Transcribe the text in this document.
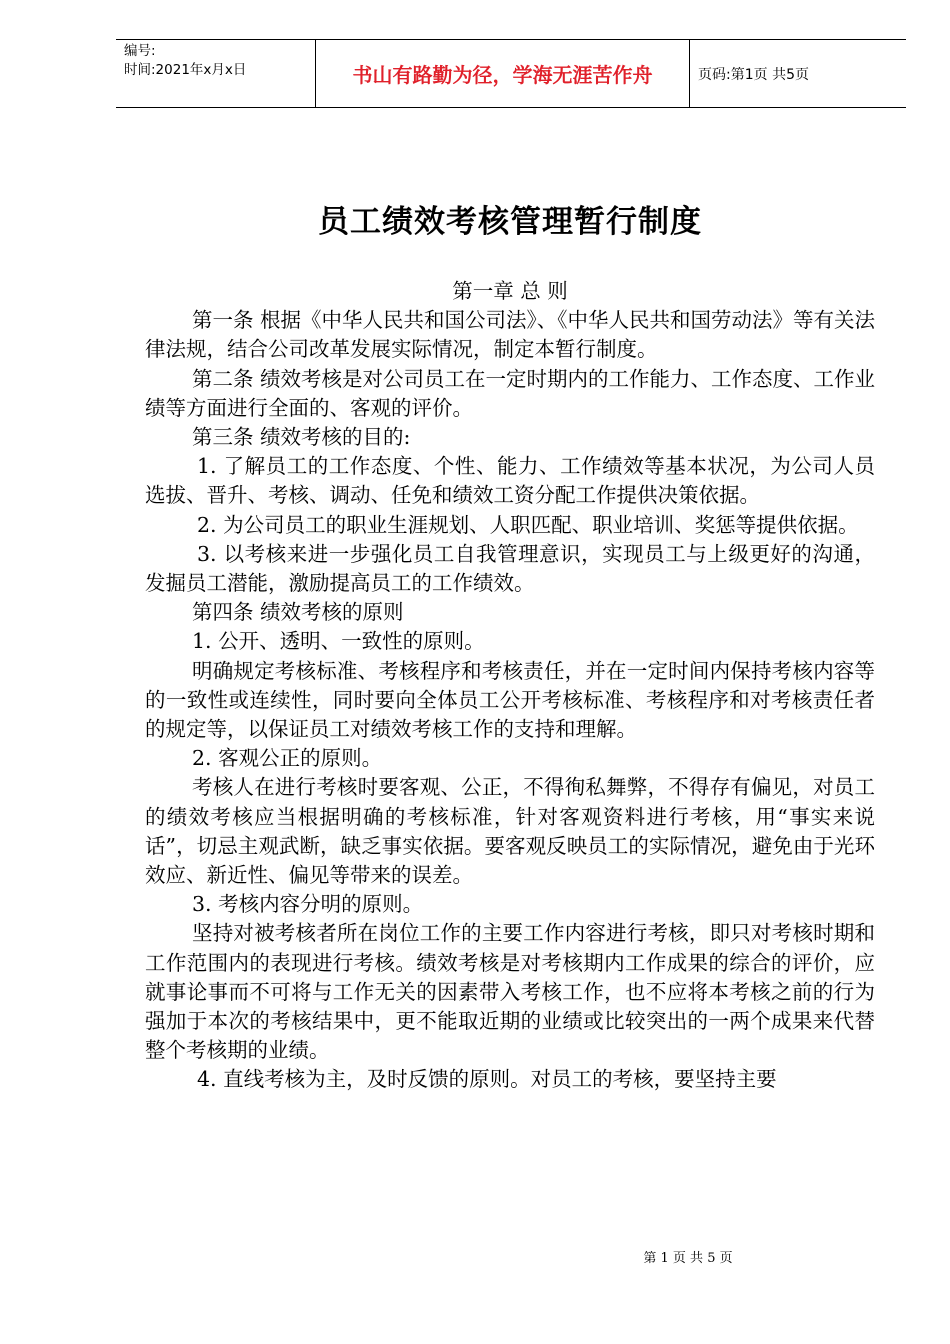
编号:
时间:2021年x月x日	书山有路勤为径，学海无涯苦作舟	页码:第1页 共5页
员工绩效考核管理暂行制度

第一章 总 则

第一条 根据《中华人民共和国公司法》、《中华人民共和国劳动法》等有关法律法规，结合公司改革发展实际情况，制定本暂行制度。

第二条 绩效考核是对公司员工在一定时期内的工作能力、工作态度、工作业绩等方面进行全面的、客观的评价。

第三条 绩效考核的目的:

1. 了解员工的工作态度、个性、能力、工作绩效等基本状况，为公司人员选拔、晋升、考核、调动、任免和绩效工资分配工作提供决策依据。

2. 为公司员工的职业生涯规划、人职匹配、职业培训、奖惩等提供依据。

3. 以考核来进一步强化员工自我管理意识，实现员工与上级更好的沟通，发掘员工潜能，激励提高员工的工作绩效。

第四条 绩效考核的原则

1. 公开、透明、一致性的原则。

明确规定考核标准、考核程序和考核责任，并在一定时间内保持考核内容等的一致性或连续性，同时要向全体员工公开考核标准、考核程序和对考核责任者的规定等，以保证员工对绩效考核工作的支持和理解。

2. 客观公正的原则。

考核人在进行考核时要客观、公正，不得徇私舞弊，不得存有偏见，对员工的绩效考核应当根据明确的考核标准，针对客观资料进行考核，用“事实来说话”，切忌主观武断，缺乏事实依据。要客观反映员工的实际情况，避免由于光环效应、新近性、偏见等带来的误差。

3. 考核内容分明的原则。

坚持对被考核者所在岗位工作的主要工作内容进行考核，即只对考核时期和工作范围内的表现进行考核。绩效考核是对考核期内工作成果的综合的评价，应就事论事而不可将与工作无关的因素带入考核工作，也不应将本考核之前的行为强加于本次的考核结果中，更不能取近期的业绩或比较突出的一两个成果来代替整个考核期的业绩。

4. 直线考核为主，及时反馈的原则。对员工的考核，要坚持主要

第 1 页 共 5 页
